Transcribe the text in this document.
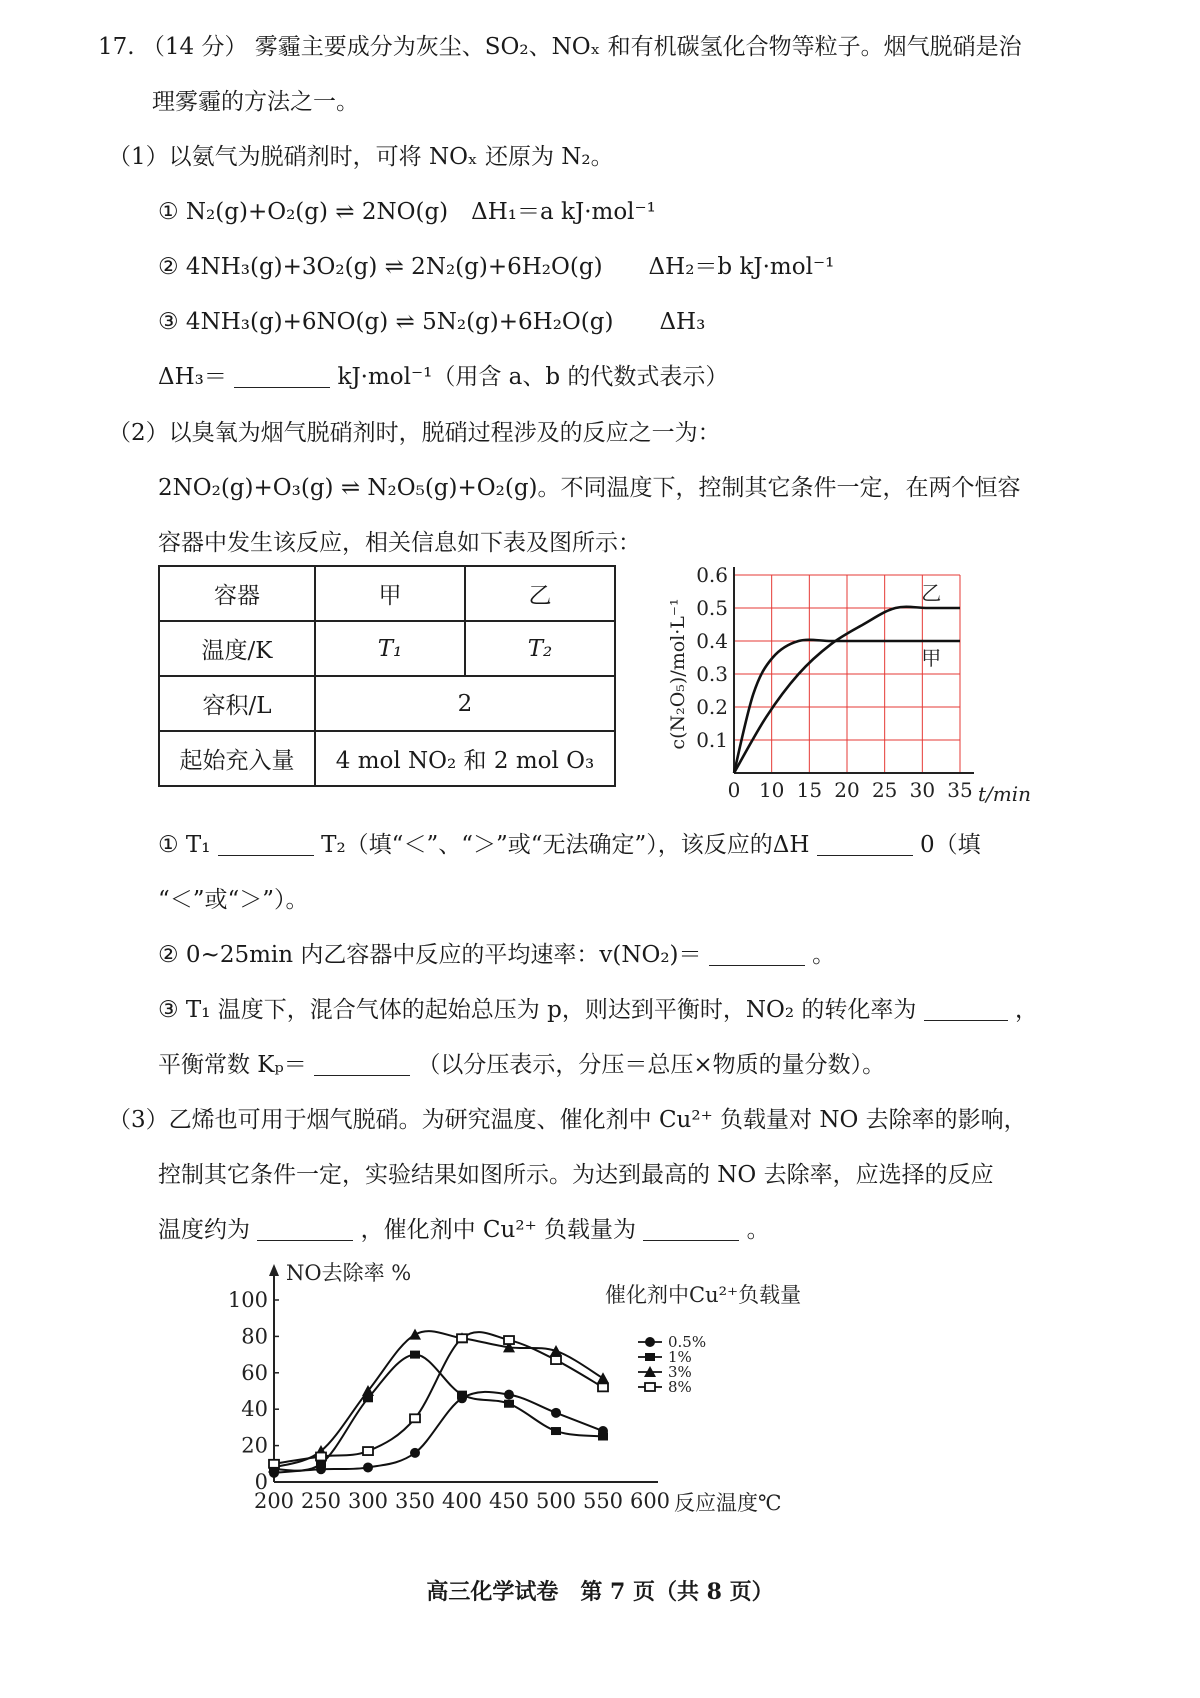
17. （14 分） 雾霾主要成分为灰尘、SO₂、NOₓ 和有机碳氢化合物等粒子。烟气脱硝是治
理雾霾的方法之一。
（1）以氨气为脱硝剂时，可将 NOₓ 还原为 N₂。
① N₂(g)+O₂(g) ⇌ 2NO(g)　ΔH₁＝a kJ·mol⁻¹
② 4NH₃(g)+3O₂(g) ⇌ 2N₂(g)+6H₂O(g)　　ΔH₂＝b kJ·mol⁻¹
③ 4NH₃(g)+6NO(g) ⇌ 5N₂(g)+6H₂O(g)　　ΔH₃
ΔH₃＝	kJ·mol⁻¹（用含 a、b 的代数式表示）
（2）以臭氧为烟气脱硝剂时，脱硝过程涉及的反应之一为：
2NO₂(g)+O₃(g) ⇌ N₂O₅(g)+O₂(g)。不同温度下，控制其它条件一定，在两个恒容
容器中发生该反应，相关信息如下表及图所示：
容器	甲	乙
温度/K	T₁	T₂
容积/L	2	
起始充入量	4 mol NO₂ 和 2 mol O₃	
0 10 15 20 25 30 35
0.1
0.2
0.3
0.4
0.5
0.6
t/min
c(N₂O₅)/mol·L⁻¹	甲
乙
① T₁	T₂（填“＜”、“＞”或“无法确定”），该反应的ΔH	0（填
“＜”或“＞”）。
② 0~25min 内乙容器中反应的平均速率：v(NO₂)＝	。
③ T₁ 温度下，混合气体的起始总压为 p，则达到平衡时，NO₂ 的转化率为	，
平衡常数 Kₚ＝	（以分压表示，分压＝总压×物质的量分数）。
（3）乙烯也可用于烟气脱硝。为研究温度、催化剂中 Cu²⁺ 负载量对 NO 去除率的影响，
控制其它条件一定，实验结果如图所示。为达到最高的 NO 去除率，应选择的反应
温度约为	，催化剂中 Cu²⁺ 负载量为	。
200 250 300 350 400 450 500 550 600
0
20
40
60
80
100
NO去除率 %
反应温度℃
催化剂中Cu²⁺负载量
0.5%
1%
3%
8%
高三化学试卷　第 7 页（共 8 页）
